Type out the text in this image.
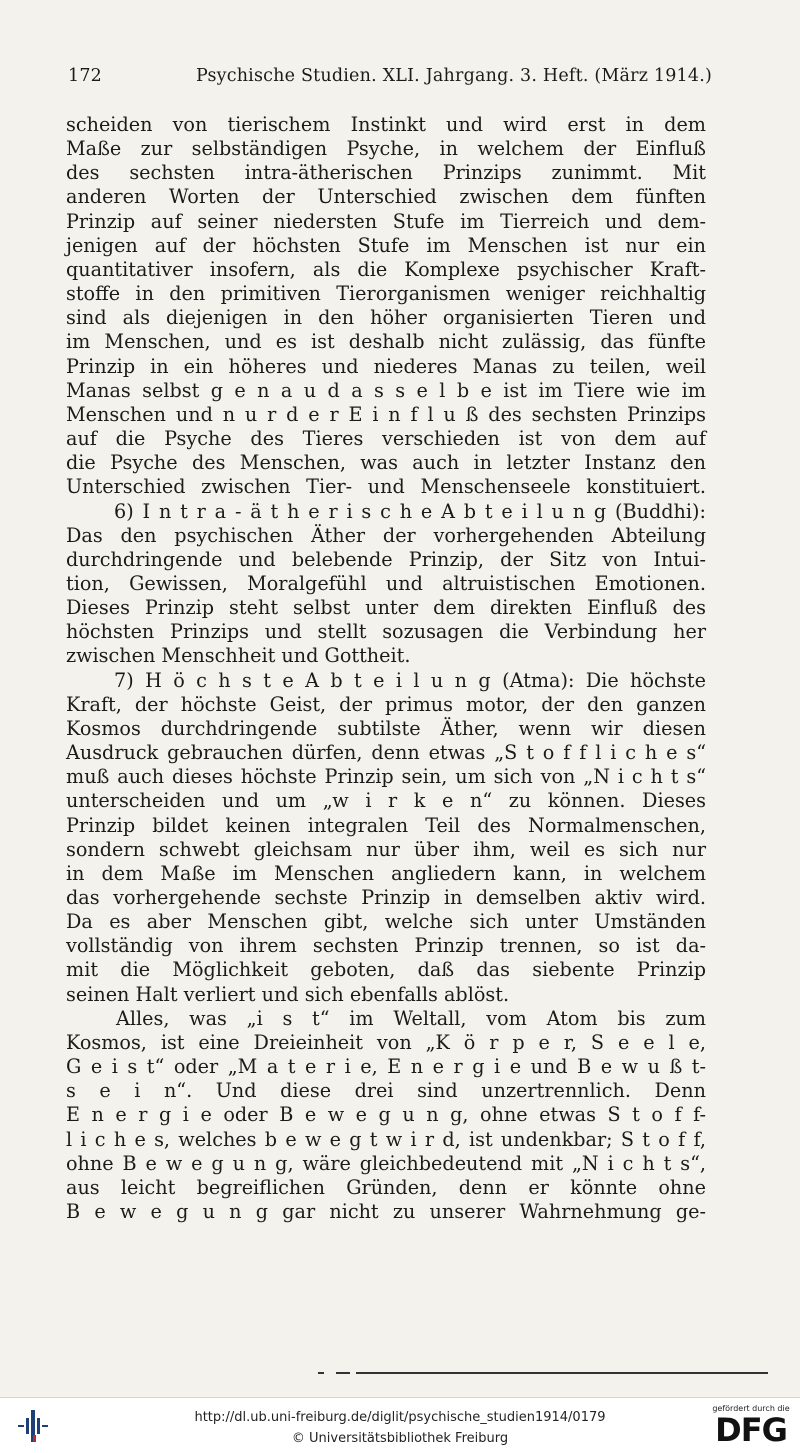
172	Psychische Studien. XLI. Jahrgang. 3. Heft. (März 1914.)
scheiden von tierischem Instinkt und wird erst in dem
Maße zur selbständigen Psyche, in welchem der Einfluß
des sechsten intra-ätherischen Prinzips zunimmt. Mit
anderen Worten der Unterschied zwischen dem fünften
Prinzip auf seiner niedersten Stufe im Tierreich und dem-
jenigen auf der höchsten Stufe im Menschen ist nur ein
quantitativer insofern, als die Komplexe psychischer Kraft-
stoffe in den primitiven Tierorganismen weniger reichhaltig
sind als diejenigen in den höher organisierten Tieren und
im Menschen, und es ist deshalb nicht zulässig, das fünfte
Prinzip in ein höheres und niederes Manas zu teilen, weil
Manas selbst g e n a u d a s s e l b e ist im Tiere wie im
Menschen und n u r d e r E i n f l u ß des sechsten Prinzips
auf die Psyche des Tieres verschieden ist von dem auf
die Psyche des Menschen, was auch in letzter Instanz den
Unterschied zwischen Tier- und Menschenseele konstituiert.
6) I n t r a - ä t h e r i s c h e A b t e i l u n g (Buddhi):
Das den psychischen Äther der vorhergehenden Abteilung
durchdringende und belebende Prinzip, der Sitz von Intui-
tion, Gewissen, Moralgefühl und altruistischen Emotionen.
Dieses Prinzip steht selbst unter dem direkten Einfluß des
höchsten Prinzips und stellt sozusagen die Verbindung her
zwischen Menschheit und Gottheit.
7) H ö c h s t e A b t e i l u n g (Atma): Die höchste
Kraft, der höchste Geist, der primus motor, der den ganzen
Kosmos durchdringende subtilste Äther, wenn wir diesen
Ausdruck gebrauchen dürfen, denn etwas „S t o f f l i c h e s“
muß auch dieses höchste Prinzip sein, um sich von „N i c h t s“
unterscheiden und um „w i r k e n“ zu können. Dieses
Prinzip bildet keinen integralen Teil des Normalmenschen,
sondern schwebt gleichsam nur über ihm, weil es sich nur
in dem Maße im Menschen angliedern kann, in welchem
das vorhergehende sechste Prinzip in demselben aktiv wird.
Da es aber Menschen gibt, welche sich unter Umständen
vollständig von ihrem sechsten Prinzip trennen, so ist da-
mit die Möglichkeit geboten, daß das siebente Prinzip
seinen Halt verliert und sich ebenfalls ablöst.
Alles, was „i s t“ im Weltall, vom Atom bis zum
Kosmos, ist eine Dreieinheit von „K ö r p e r, S e e l e,
G e i s t“ oder „M a t e r i e, E n e r g i e und B e w u ß t-
s e i n“. Und diese drei sind unzertrennlich. Denn
E n e r g i e oder B e w e g u n g, ohne etwas S t o f f-
l i c h e s, welches b e w e g t w i r d, ist undenkbar; S t o f f,
ohne B e w e g u n g, wäre gleichbedeutend mit „N i c h t s“,
aus leicht begreiflichen Gründen, denn er könnte ohne
B e w e g u n g gar nicht zu unserer Wahrnehmung ge-
http://dl.ub.uni-freiburg.de/diglit/psychische_studien1914/0179
© Universitätsbibliothek Freiburg
gefördert durch die
DFG
